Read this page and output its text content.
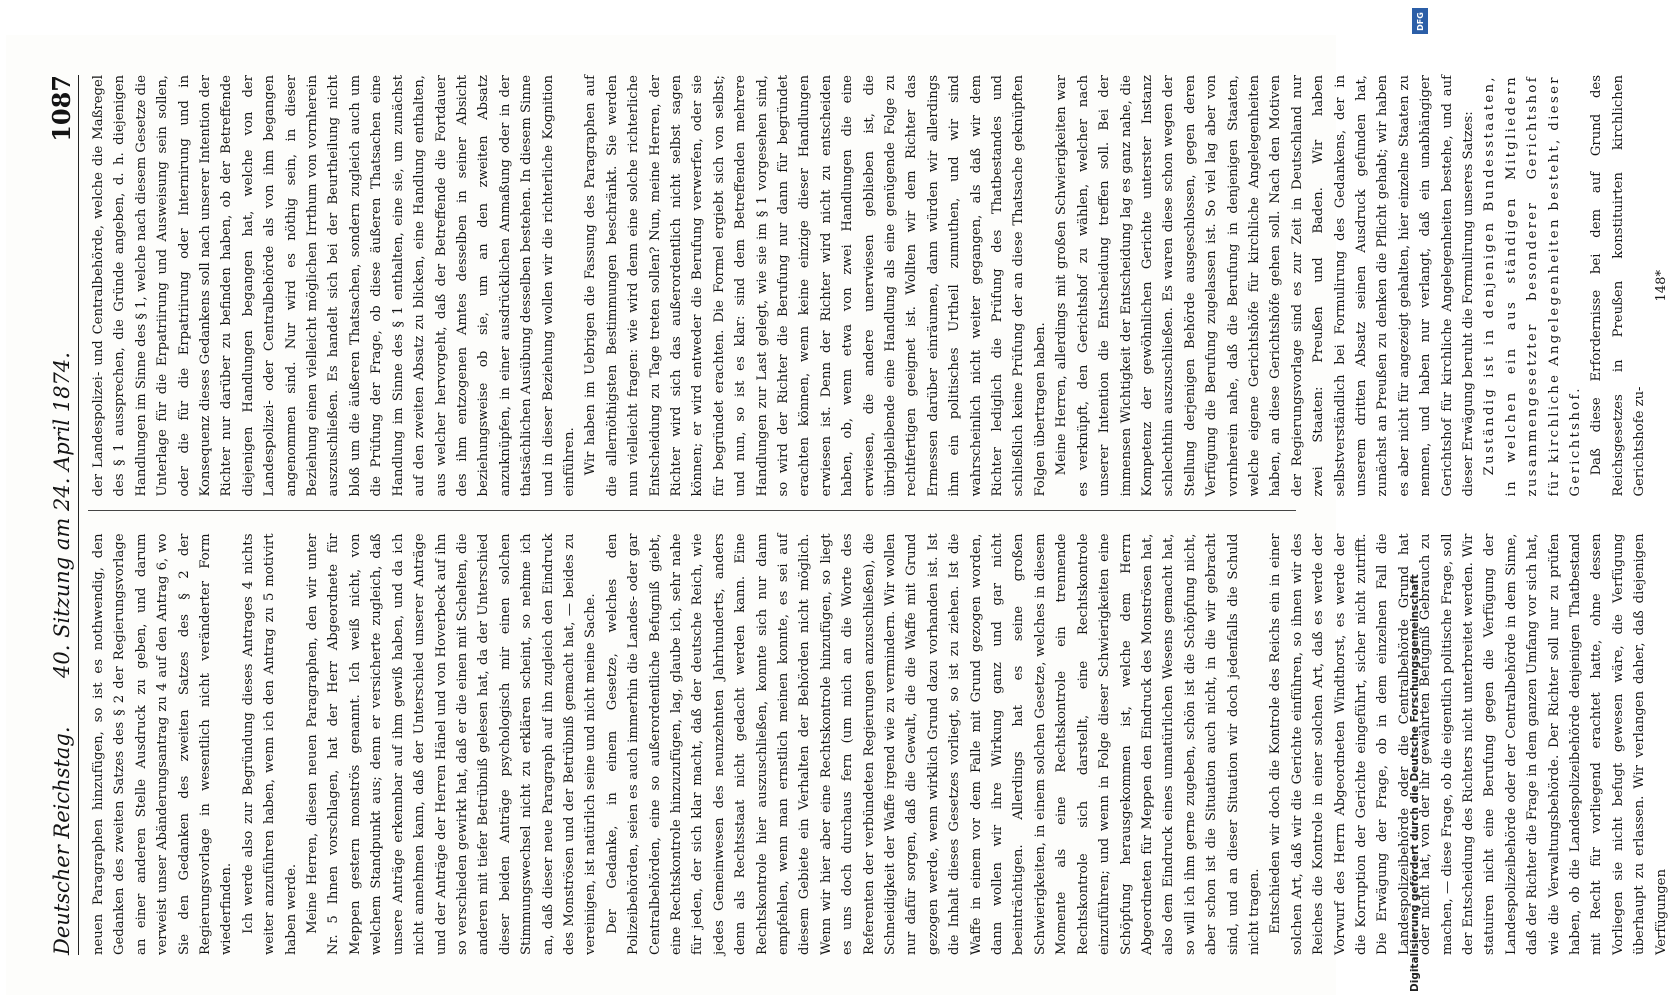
Deutscher Reichstag.
40. Sitzung am 24. April 1874.
1087

neuen Paragraphen hinzufügen, so ist es nothwendig, den Gedanken des zweiten Satzes des § 2 der Regierungsvorlage an einer anderen Stelle Ausdruck zu geben, und darum verweist unser Abänderungsantrag zu 4 auf den Antrag 6, wo Sie den Gedanken des zweiten Satzes des § 2 der Regierungsvorlage in wesentlich nicht veränderter Form wiederfinden. Ich werde also zur Begründung dieses Antrages 4 nichts weiter anzuführen haben, wenn ich den Antrag zu 5 motivirt haben werde. Meine Herren, diesen neuen Paragraphen, den wir unter Nr. 5 Ihnen vorschlagen, hat der Herr Abgeordnete für Meppen gestern monströs genannt. Ich weiß nicht, von welchem Standpunkt aus; denn er versicherte zugleich, daß unsere Anträge erkennbar auf ihm gewiß haben, und da ich nicht annehmen kann, daß der Unterschied unserer Anträge und der Anträge der Herren Hänel und von Hoverbeck auf ihn so verschieden gewirkt hat, daß er die einen mit Schelten, die anderen mit tiefer Betrübniß gelesen hat, da der Unterschied dieser beiden Anträge psychologisch mir einen solchen Stimmungswechsel nicht zu erklären scheint, so nehme ich an, daß dieser neue Paragraph auf ihn zugleich den Eindruck des Monströsen und der Betrübniß gemacht hat, — beides zu vereinigen, ist natürlich seine und nicht meine Sache. Der Gedanke, in einem Gesetze, welches den Polizeibehörden, seien es auch immerhin die Landes- oder gar Centralbehörden, eine so außerordentliche Befugniß giebt, eine Rechtskontrole hinzuzufügen, lag, glaube ich, sehr nahe für jeden, der sich klar macht, daß der deutsche Reich, wie jedes Gemeinwesen des neunzehnten Jahrhunderts, anders denn als Rechtsstaat nicht gedacht werden kann. Eine Rechtskontrole hier auszuschließen, konnte sich nur dann empfehlen, wenn man ernstlich meinen konnte, es sei auf diesem Gebiete ein Verhalten der Behörden nicht möglich. Wenn wir hier aber eine Rechtskontrole hinzufügen, so liegt es uns doch durchaus fern (um mich an die Worte des Referenten der verbündeten Regierungen anzuschließen), die Schneidigkeit der Waffe irgend wie zu vermindern. Wir wollen nur dafür sorgen, daß die Gewalt, die die Waffe mit Grund gezogen werde, wenn wirklich Grund dazu vorhanden ist. Ist die Inhalt dieses Gesetzes vorliegt, so ist zu ziehen. Ist die Waffe in einem vor dem Falle mit Grund gezogen worden, dann wollen wir ihre Wirkung ganz und gar nicht beeinträchtigen. Allerdings hat es seine großen Schwierigkeiten, in einem solchen Gesetze, welches in diesem Momente als eine Rechtskontrole ein trennende Rechtskontrole sich darstellt, eine Rechtskontrole einzuführen; und wenn in Folge dieser Schwierigkeiten eine Schöpfung herausgekommen ist, welche dem Herrn Abgeordneten für Meppen den Eindruck des Monströsen hat, also dem Eindruck eines unnatürlichen Wesens gemacht hat, so will ich ihm gerne zugeben, schön ist die Schöpfung nicht, aber schon ist die Situation auch nicht, in die wir gebracht sind, und an dieser Situation wir doch jedenfalls die Schuld nicht tragen. Entschieden wir doch die Kontrole des Reichs ein in einer solchen Art, daß wir die Gerichte einführen, so ihnen wir des Reiches die Kontrole in einer solchen Art, daß es werde der Vorwurf des Herrn Abgeordneten Windthorst, es werde der die Korruption der Gerichte eingeführt, sicher nicht zutrifft. Die Erwägung der Frage, ob in dem einzelnen Fall die Landespolizeibehörde oder die Centralbehörde Grund hat oder nicht hat, von der ihr gewährten Befugniß Gebrauch zu machen, — diese Frage, ob die eigentlich politische Frage, soll der Entscheidung des Richters nicht unterbreitet werden. Wir statuiren nicht eine Berufung gegen die Verfügung der Landespolizeibehörde oder der Centralbehörde in dem Sinne, daß der Richter die Frage in dem ganzen Umfang vor sich hat, wie die Verwaltungsbehörde. Der Richter soll nur zu prüfen haben, ob die Landespolizeibehörde denjenigen Thatbestand mit Recht für vorliegend erachtet hatte, ohne dessen Vorliegen sie nicht befugt gewesen wäre, die Verfügung überhaupt zu erlassen. Wir verlangen daher, daß diejenigen Verfügungen

der Landespolizei- und Centralbehörde, welche die Maßregel des § 1 aussprechen, die Gründe angeben, d. h. diejenigen Handlungen im Sinne des § 1, welche nach diesem Gesetze die Unterlage für die Erpatriirung und Ausweisung sein sollen, oder die für die Erpatriirung oder Internirung und in Konsequenz dieses Gedankens soll nach unserer Intention der Richter nur darüber zu befinden haben, ob der Betreffende diejenigen Handlungen begangen hat, welche von der Landespolizei- oder Centralbehörde als von ihm begangen angenommen sind. Nur wird es nöthig sein, in dieser Beziehung einen vielleicht möglichen Irrthum von vornherein auszuschließen. Es handelt sich bei der Beurtheilung nicht bloß um die äußeren Thatsachen, sondern zugleich auch um die Prüfung der Frage, ob diese äußeren Thatsachen eine Handlung im Sinne des § 1 enthalten, eine sie, um zunächst auf den zweiten Absatz zu blicken, eine Handlung enthalten, aus welcher hervorgeht, daß der Betreffende die Fortdauer des ihm entzogenen Amtes desselben in seiner Absicht beziehungsweise ob sie, um an den zweiten Absatz anzuknüpfen, in einer ausdrücklichen Anmaßung oder in der thatsächlichen Ausübung desselben bestehen. In diesem Sinne und in dieser Beziehung wollen wir die richterliche Kognition einführen. Wir haben im Uebrigen die Fassung des Paragraphen auf die allernöthigsten Bestimmungen beschränkt. Sie werden nun vielleicht fragen: wie wird denn eine solche richterliche Entscheidung zu Tage treten sollen? Nun, meine Herren, der Richter wird sich das außerordentlich nicht selbst sagen können; er wird entweder die Berufung verwerfen, oder sie für begründet erachten. Die Formel ergiebt sich von selbst; und nun, so ist es klar: sind dem Betreffenden mehrere Handlungen zur Last gelegt, wie sie im § 1 vorgesehen sind, so wird der Richter die Berufung nur dann für begründet erachten können, wenn keine einzige dieser Handlungen erwiesen ist. Denn der Richter wird nicht zu entscheiden haben, ob, wenn etwa von zwei Handlungen die eine erwiesen, die andere unerwiesen geblieben ist, die übrigbleibende eine Handlung als eine genügende Folge zu rechtfertigen geeignet ist. Wollten wir dem Richter das Ermessen darüber einräumen, dann würden wir allerdings ihm ein politisches Urtheil zumuthen, und wir sind wahrscheinlich nicht weiter gegangen, als daß wir dem Richter lediglich die Prüfung des Thatbestandes und schließlich keine Prüfung der an diese Thatsache geknüpften Folgen übertragen haben. Meine Herren, allerdings mit großen Schwierigkeiten war es verknüpft, den Gerichtshof zu wählen, welcher nach unserer Intention die Entscheidung treffen soll. Bei der immensen Wichtigkeit der Entscheidung lag es ganz nahe, die Kompetenz der gewöhnlichen Gerichte unterster Instanz schlechthin auszuschließen. Es waren diese schon wegen der Stellung derjenigen Behörde ausgeschlossen, gegen deren Verfügung die Berufung zugelassen ist. So viel lag aber von vornherein nahe, daß die Berufung in denjenigen Staaten, welche eigene Gerichtshöfe für kirchliche Angelegenheiten haben, an diese Gerichtshöfe gehen soll. Nach den Motiven der Regierungsvorlage sind es zur Zeit in Deutschland nur zwei Staaten: Preußen und Baden. Wir haben selbstverständlich bei Formulirung des Gedankens, der in unserem dritten Absatz seinen Ausdruck gefunden hat, zunächst an Preußen zu denken die Pflicht gehabt; wir haben es aber nicht für angezeigt gehalten, hier einzelne Staaten zu nennen, und haben nur verlangt, daß ein unabhängiger Gerichtshof für kirchliche Angelegenheiten bestehe, und auf dieser Erwägung beruht die Formulirung unseres Satzes: Zuständig ist in denjenigen Bundesstaaten, in welchen ein aus ständigen Mitgliedern zusammengesetzter besonderer Gerichtshof für kirchliche Angelegenheiten besteht, dieser Gerichtshof. Daß diese Erfordernisse bei dem auf Grund des Reichsgesetzes in Preußen konstituirten kirchlichen Gerichtshofe zu-

148*

Digitalisierung gefördert durch die Deutsche Forschungsgemeinschaft
DFG
